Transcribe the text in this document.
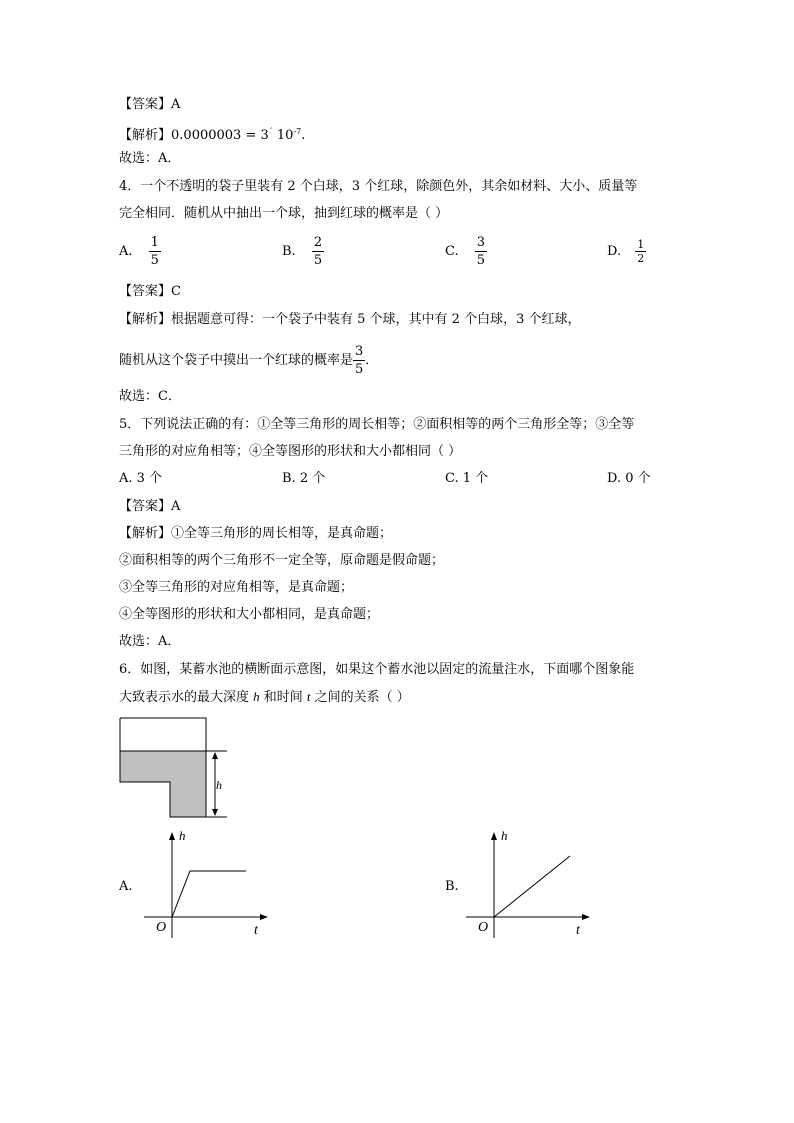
【答案】A
【解析】0.0000003 = 3´ $10^{-7}$.
故选：A．
4．一个不透明的袋子里装有 2 个白球，3 个红球，除颜色外，其余如材料、大小、质量等
完全相同．随机从中抽出一个球，抽到红球的概率是（ ）
A. $\frac{1}{5}$	B. $\frac{2}{5}$	C. $\frac{3}{5}$	D. $\frac{1}{2}$
【答案】C
【解析】根据题意可得：一个袋子中装有 5 个球，其中有 2 个白球，3 个红球，
随机从这个袋子中摸出一个红球的概率是 $\frac{3}{5}$ ．
故选：C．
5．下列说法正确的有：①全等三角形的周长相等；②面积相等的两个三角形全等；③全等
三角形的对应角相等；④全等图形的形状和大小都相同（ ）
A. 3 个	B. 2 个	C. 1 个	D. 0 个
【答案】A
【解析】①全等三角形的周长相等，是真命题；
②面积相等的两个三角形不一定全等，原命题是假命题；
③全等三角形的对应角相等，是真命题；
④全等图形的形状和大小都相同，是真命题；
故选：A．
6．如图，某蓄水池的横断面示意图，如果这个蓄水池以固定的流量注水，下面哪个图象能
大致表示水的最大深度 h 和时间 t 之间的关系（ ）
h
A.
h
t
O
B.
h
t
O
